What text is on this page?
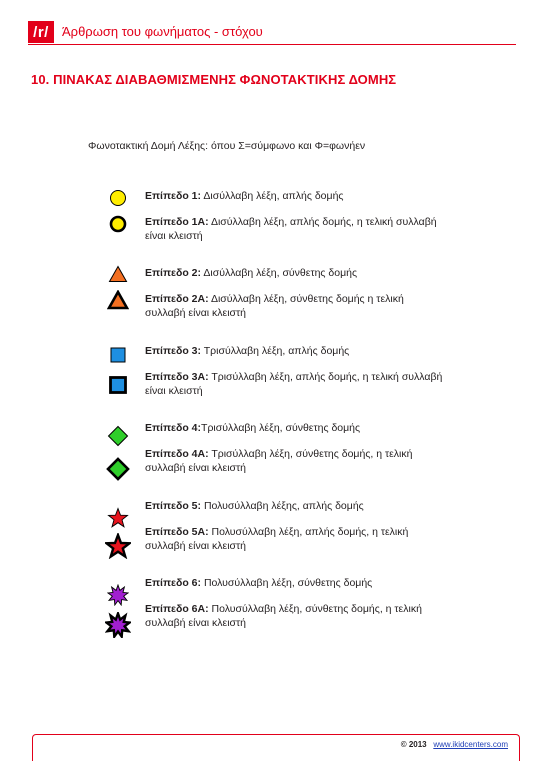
/r/	Άρθρωση του φωνήματος - στόχου
10. ΠΙΝΑΚΑΣ ΔΙΑΒΑΘΜΙΣΜΕΝΗΣ ΦΩΝΟΤΑΚΤΙΚΗΣ ΔΟΜΗΣ
Φωνοτακτική Δομή Λέξης: όπου Σ=σύμφωνο και Φ=φωνήεν
Επίπεδο 1: Δισύλλαβη λέξη, απλής δομής
Επίπεδο 1Α: Δισύλλαβη λέξη, απλής δομής, η τελική συλλαβή είναι κλειστή
Επίπεδο 2: Δισύλλαβη λέξη, σύνθετης δομής
Επίπεδο 2Α: Δισύλλαβη λέξη, σύνθετης δομής η τελική συλλαβή είναι κλειστή
Επίπεδο 3: Τρισύλλαβη λέξη, απλής δομής
Επίπεδο 3Α: Τρισύλλαβη λέξη, απλής δομής, η τελική συλλαβή είναι κλειστή
Επίπεδο 4:Τρισύλλαβη λέξη, σύνθετης δομής
Επίπεδο 4Α: Τρισύλλαβη λέξη, σύνθετης δομής, η τελική συλλαβή είναι κλειστή
Επίπεδο 5: Πολυσύλλαβη λέξης, απλής δομής
Επίπεδο 5Α: Πολυσύλλαβη λέξη, απλής δομής, η τελική συλλαβή είναι κλειστή
Επίπεδο 6: Πολυσύλλαβη λέξη, σύνθετης δομής
Επίπεδο 6Α: Πολυσύλλαβη λέξη, σύνθετης δομής, η τελική συλλαβή είναι κλειστή
© 2013 www.ikidcenters.com
